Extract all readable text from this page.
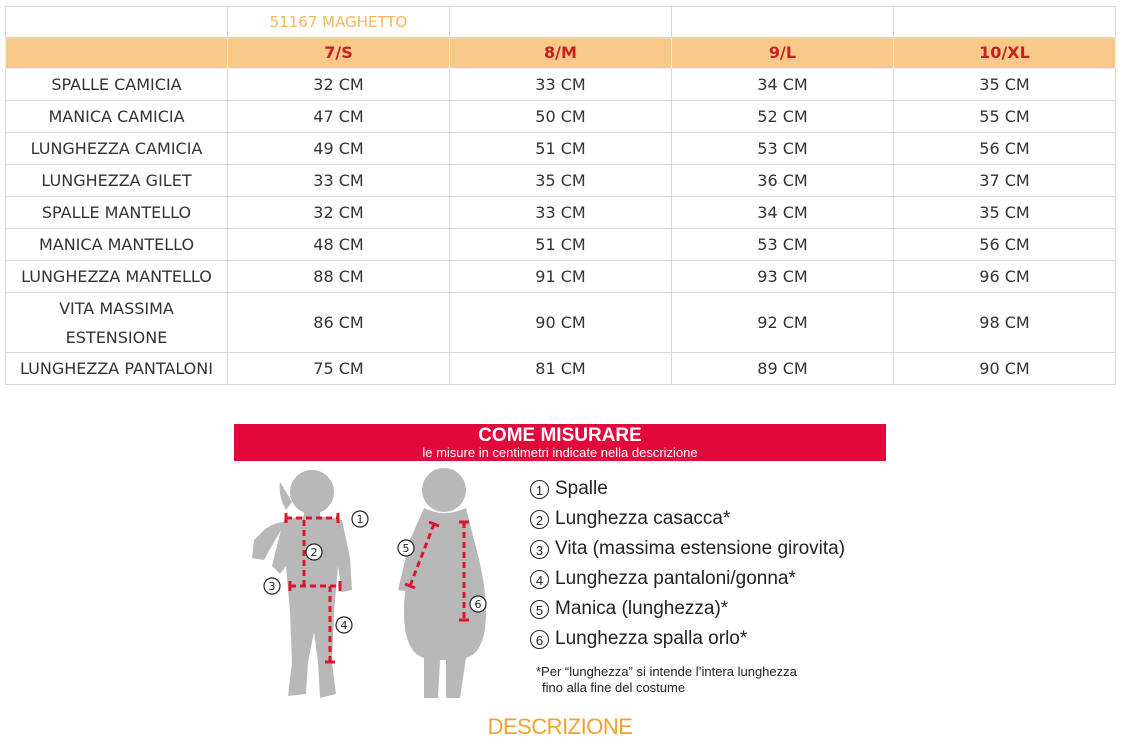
	51167 MAGHETTO			
	7/S	8/M	9/L	10/XL
SPALLE CAMICIA	32 CM	33 CM	34 CM	35 CM
MANICA CAMICIA	47 CM	50 CM	52 CM	55 CM
LUNGHEZZA CAMICIA	49 CM	51 CM	53 CM	56 CM
LUNGHEZZA GILET	33 CM	35 CM	36 CM	37 CM
SPALLE MANTELLO	32 CM	33 CM	34 CM	35 CM
MANICA MANTELLO	48 CM	51 CM	53 CM	56 CM
LUNGHEZZA MANTELLO	88 CM	91 CM	93 CM	96 CM
VITA MASSIMA
ESTENSIONE	86 CM	90 CM	92 CM	98 CM
LUNGHEZZA PANTALONI	75 CM	81 CM	89 CM	90 CM
COME MISURARE
le misure in centimetri indicate nella descrizione
1
2
3
4
5
6
1 Spalle
2 Lunghezza casacca*
3 Vita (massima estensione girovita)
4 Lunghezza pantaloni/gonna*
5 Manica (lunghezza)*
6 Lunghezza spalla orlo*
*Per “lunghezza” si intende l’intera lunghezza
fino alla fine del costume
DESCRIZIONE
